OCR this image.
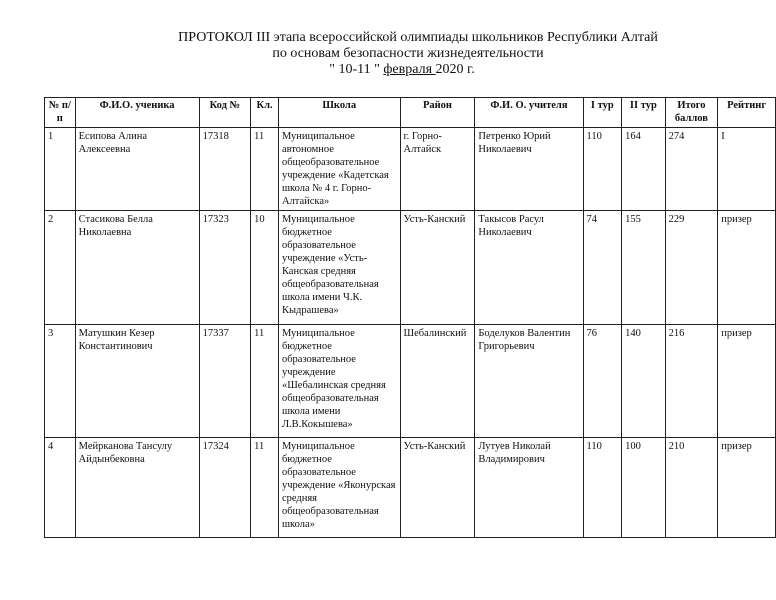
ПРОТОКОЛ III этапа всероссийской олимпиады школьников Республики Алтай
по основам безопасности жизнедеятельности
" 10-11 " февраля 2020 г.
№ п/п	Ф.И.О. ученика	Код №	Кл.	Школа	Район	Ф.И. О. учителя	I тур	II тур	Итого баллов	Рейтинг
1	Есипова Алина Алексеевна	17318	11	Муниципальное автономное общеобразовательное учреждение «Кадетская школа № 4 г. Горно-Алтайска»	г. Горно-Алтайск	Петренко Юрий Николаевич	110	164	274	I
2	Стасикова Белла Николаевна	17323	10	Муниципальное бюджетное образовательное учреждение «Усть-Канская средняя общеобразовательная школа имени Ч.К. Кыдрашева»	Усть-Канский	Такысов Расул Николаевич	74	155	229	призер
3	Матушкин Кезер Константинович	17337	11	Муниципальное бюджетное образовательное учреждение «Шебалинская средняя общеобразовательная школа имени Л.В.Кокышева»	Шебалинский	Боделуков Валентин Григорьевич	76	140	216	призер
4	Мейрканова Тансулу Айдынбековна	17324	11	Муниципальное бюджетное образовательное учреждение «Яконурская средняя общеобразовательная школа»	Усть-Канский	Лутуев Николай Владимирович	110	100	210	призер
